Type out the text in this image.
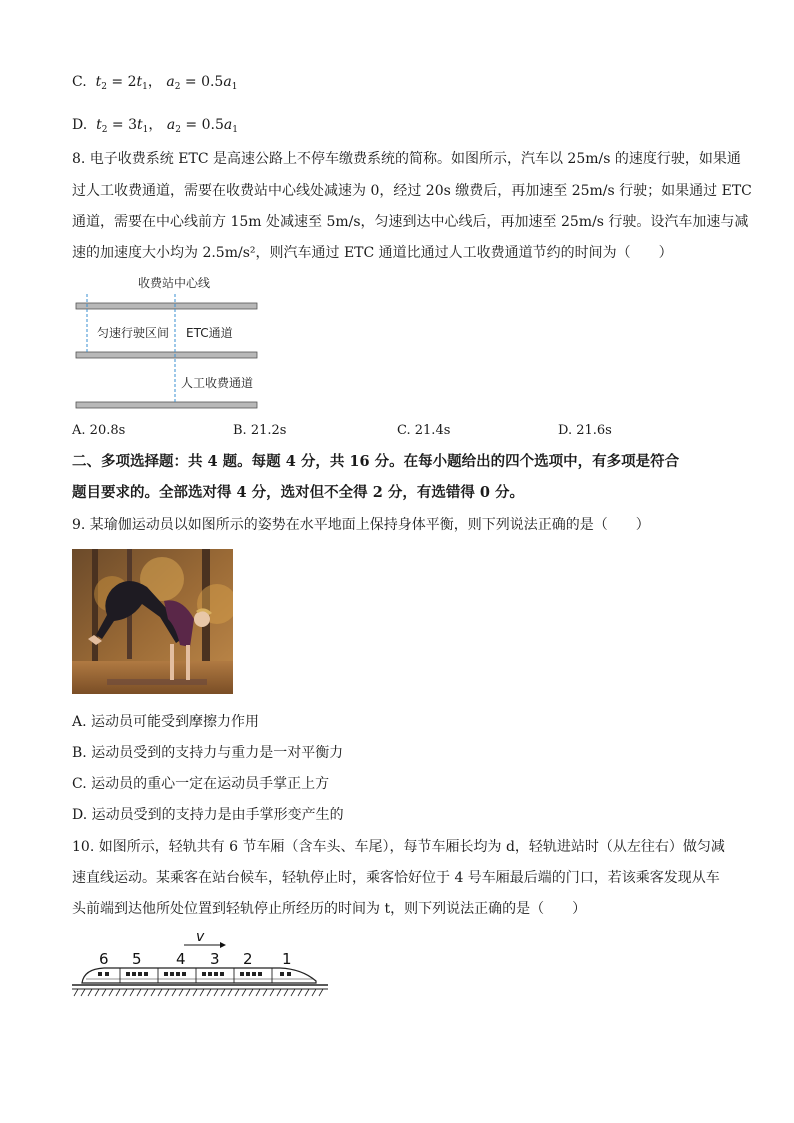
C. $t_2 = 2t_1$， $a_2 = 0.5a_1$
D. $t_2 = 3t_1$， $a_2 = 0.5a_1$
8. 电子收费系统 ETC 是高速公路上不停车缴费系统的简称。如图所示，汽车以 25m/s 的速度行驶，如果通
过人工收费通道，需要在收费站中心线处减速为 0，经过 20s 缴费后，再加速至 25m/s 行驶；如果通过 ETC
通道，需要在中心线前方 15m 处减速至 5m/s，匀速到达中心线后，再加速至 25m/s 行驶。设汽车加速与减
速的加速度大小均为 2.5m/s²，则汽车通过 ETC 通道比通过人工收费通道节约的时间为（　　）
收费站中心线
匀速行驶区间 ETC通道
人工收费通道
A. 20.8s	B. 21.2s	C. 21.4s	D. 21.6s
二、多项选择题：共 4 题。每题 4 分，共 16 分。在每小题给出的四个选项中，有多项是符合
题目要求的。全部选对得 4 分，选对但不全得 2 分，有选错得 0 分。
9. 某瑜伽运动员以如图所示的姿势在水平地面上保持身体平衡，则下列说法正确的是（　　）
A. 运动员可能受到摩擦力作用
B. 运动员受到的支持力与重力是一对平衡力
C. 运动员的重心一定在运动员手掌正上方
D. 运动员受到的支持力是由手掌形变产生的
10. 如图所示，轻轨共有 6 节车厢（含车头、车尾），每节车厢长均为 d，轻轨进站时（从左往右）做匀减
速直线运动。某乘客在站台候车，轻轨停止时，乘客恰好位于 4 号车厢最后端的门口，若该乘客发现从车
头前端到达他所处位置到轻轨停止所经历的时间为 t，则下列说法正确的是（　　）
v
6 5 4 3 2 1
